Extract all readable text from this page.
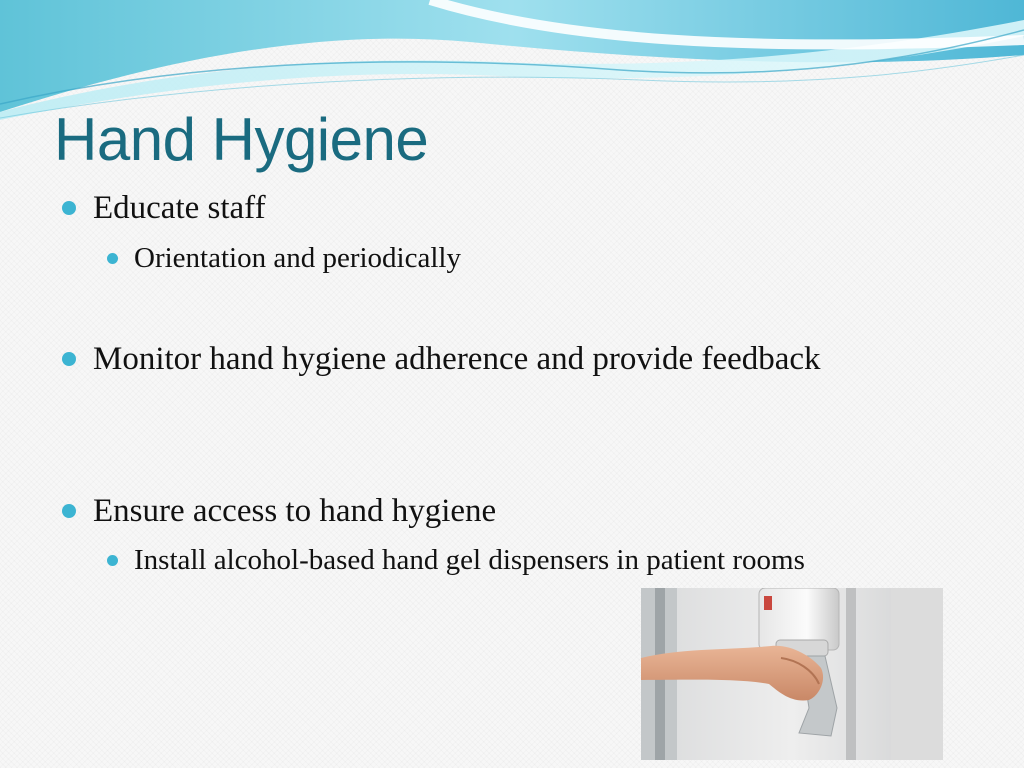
Hand Hygiene
Educate staff
Orientation and periodically
Monitor hand hygiene adherence and provide feedback
Ensure access to hand hygiene
Install alcohol-based hand gel dispensers in patient rooms
